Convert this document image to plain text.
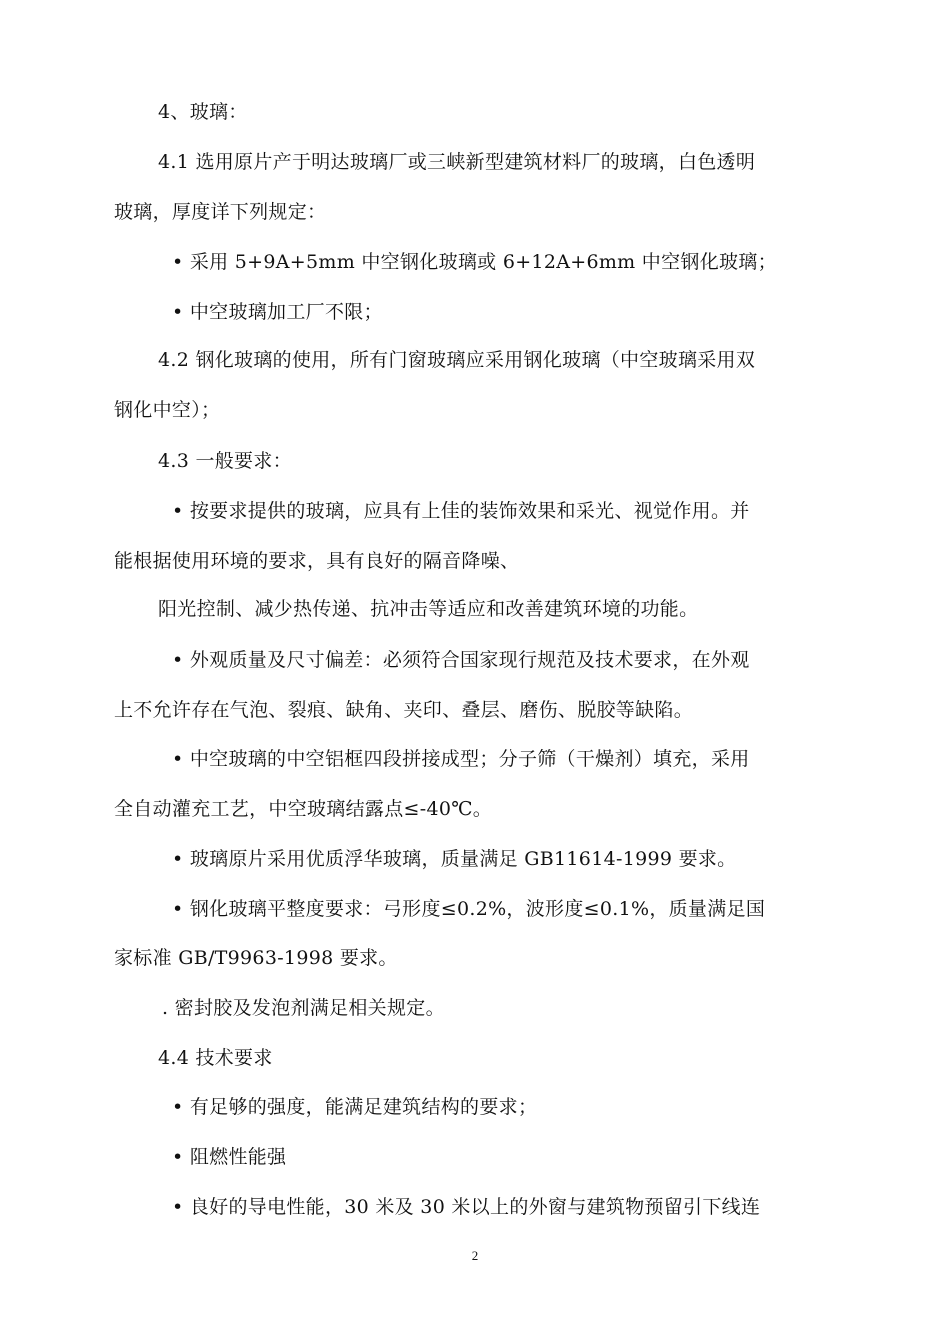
4、玻璃：
4.1 选用原片产于明达玻璃厂或三峡新型建筑材料厂的玻璃，白色透明
玻璃，厚度详下列规定：
• 采用 5+9A+5mm 中空钢化玻璃或 6+12A+6mm 中空钢化玻璃；
• 中空玻璃加工厂不限；
4.2 钢化玻璃的使用，所有门窗玻璃应采用钢化玻璃（中空玻璃采用双
钢化中空）；
4.3 一般要求：
• 按要求提供的玻璃，应具有上佳的装饰效果和采光、视觉作用。并
能根据使用环境的要求，具有良好的隔音降噪、
阳光控制、减少热传递、抗冲击等适应和改善建筑环境的功能。
• 外观质量及尺寸偏差：必须符合国家现行规范及技术要求，在外观
上不允许存在气泡、裂痕、缺角、夹印、叠层、磨伤、脱胶等缺陷。
• 中空玻璃的中空铝框四段拼接成型；分子筛（干燥剂）填充，采用
全自动灌充工艺，中空玻璃结露点≤-40℃。
• 玻璃原片采用优质浮华玻璃，质量满足 GB11614-1999 要求。
• 钢化玻璃平整度要求：弓形度≤0.2%，波形度≤0.1%，质量满足国
家标准 GB/T9963-1998 要求。
. 密封胶及发泡剂满足相关规定。
4.4 技术要求
• 有足够的强度，能满足建筑结构的要求；
• 阻燃性能强
• 良好的导电性能，30 米及 30 米以上的外窗与建筑物预留引下线连
2
